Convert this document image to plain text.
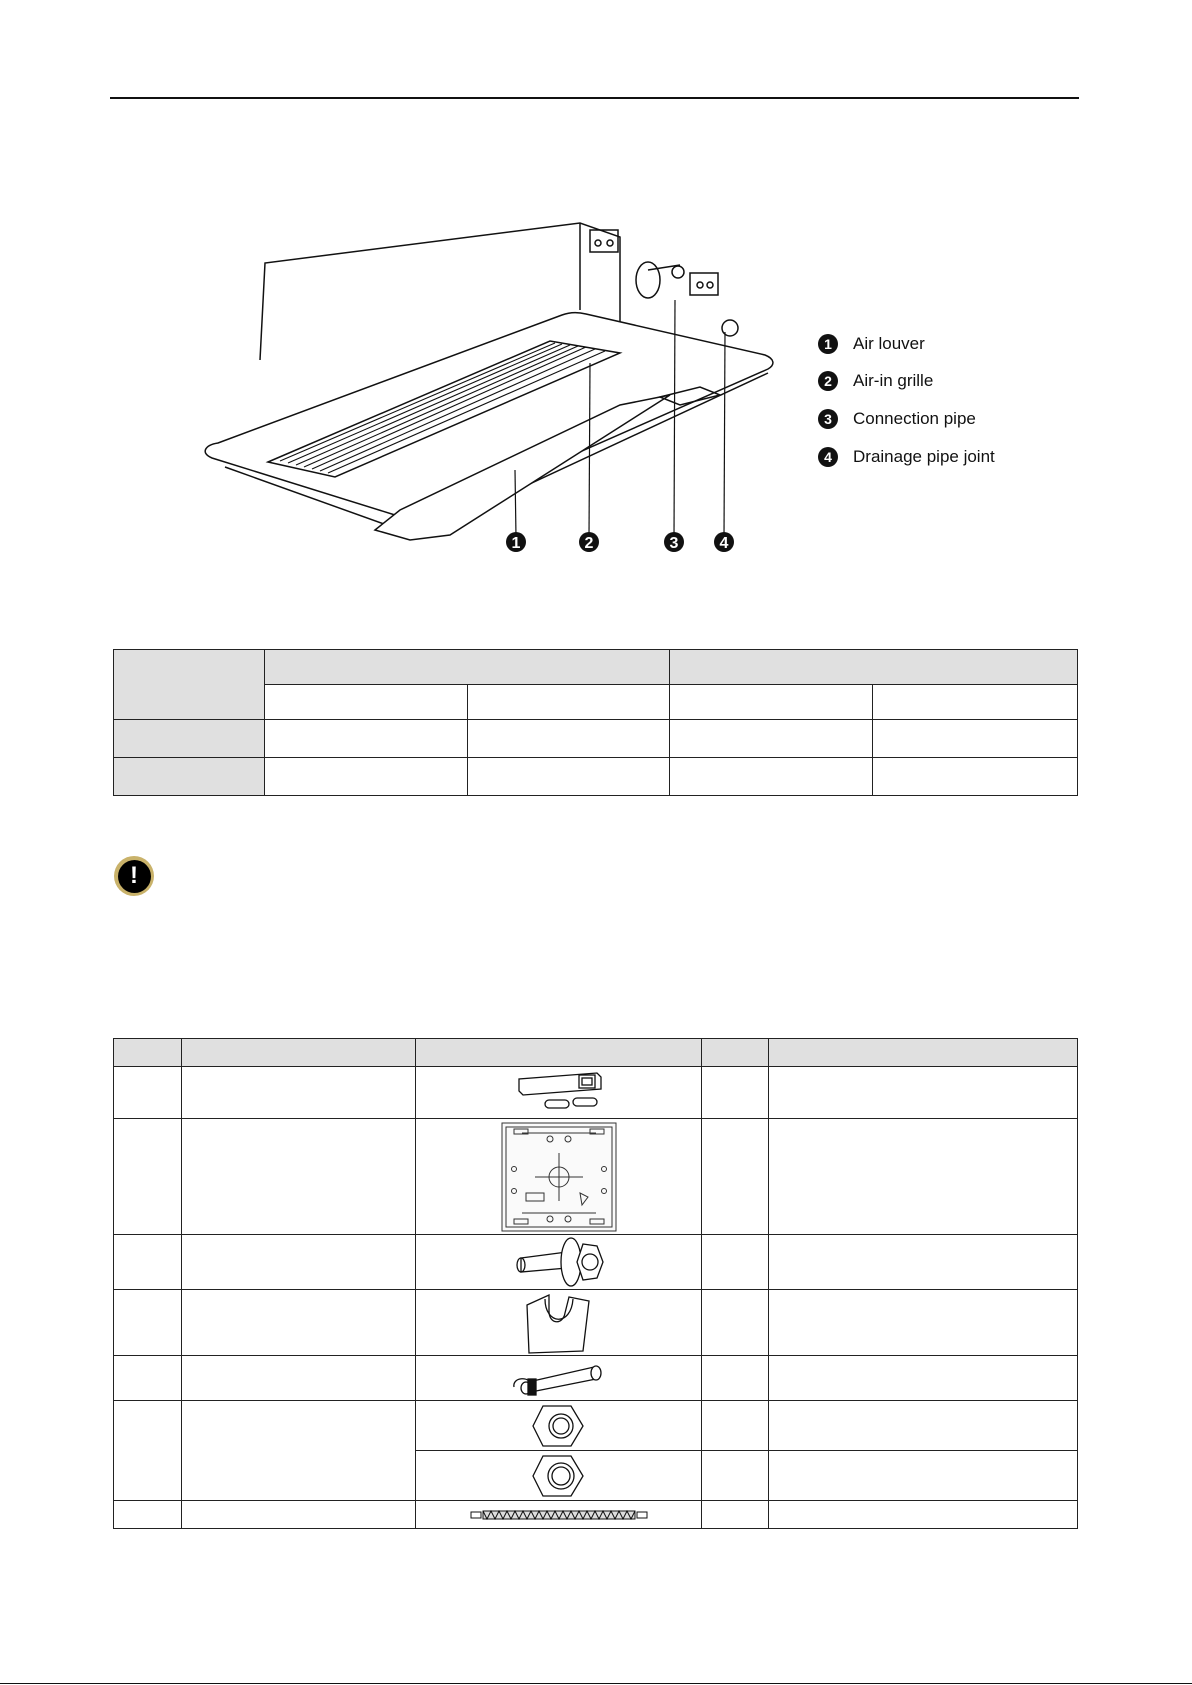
1	2	3	4
1	Air louver
2	Air-in grille
3	Connection pipe
4	Drainage pipe joint

!
